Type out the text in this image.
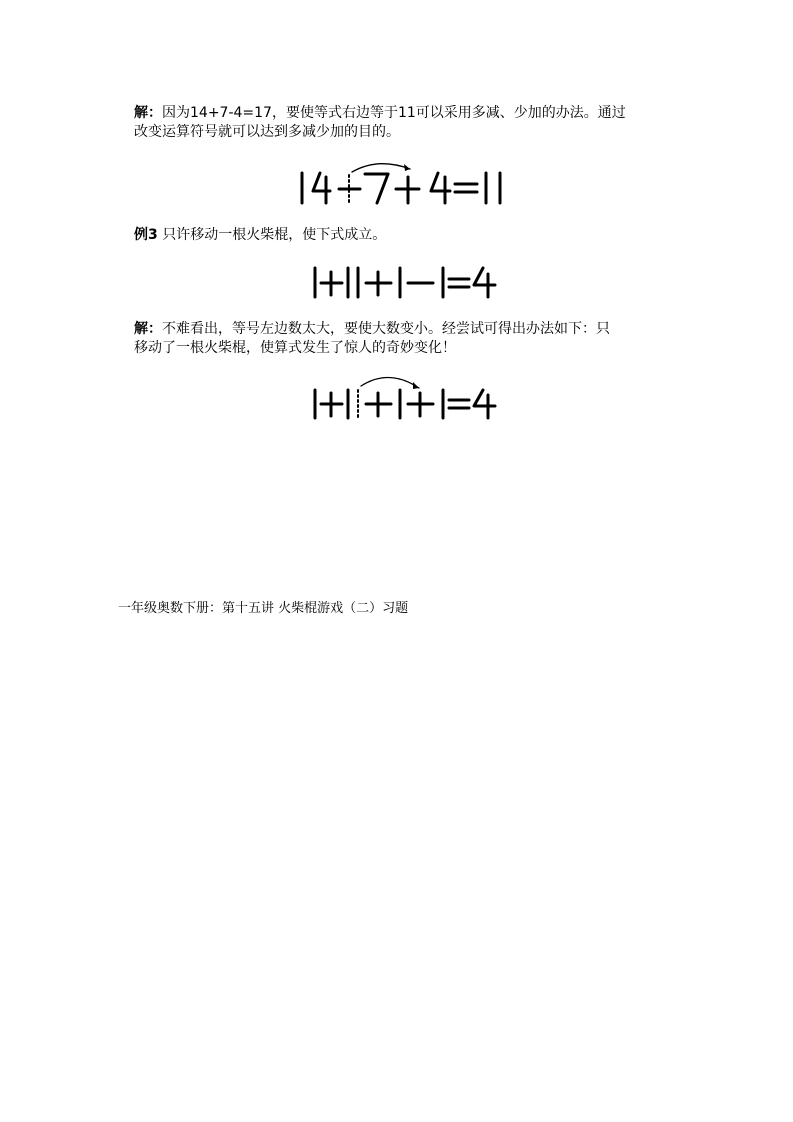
解：因为14+7-4=17，要使等式右边等于11可以采用多减、少加的办法。通过
改变运算符号就可以达到多减少加的目的。
例3 只许移动一根火柴棍，使下式成立。
解：不难看出，等号左边数太大，要使大数变小。经尝试可得出办法如下：只
移动了一根火柴棍，使算式发生了惊人的奇妙变化！
一年级奥数下册：第十五讲 火柴棍游戏（二）习题
